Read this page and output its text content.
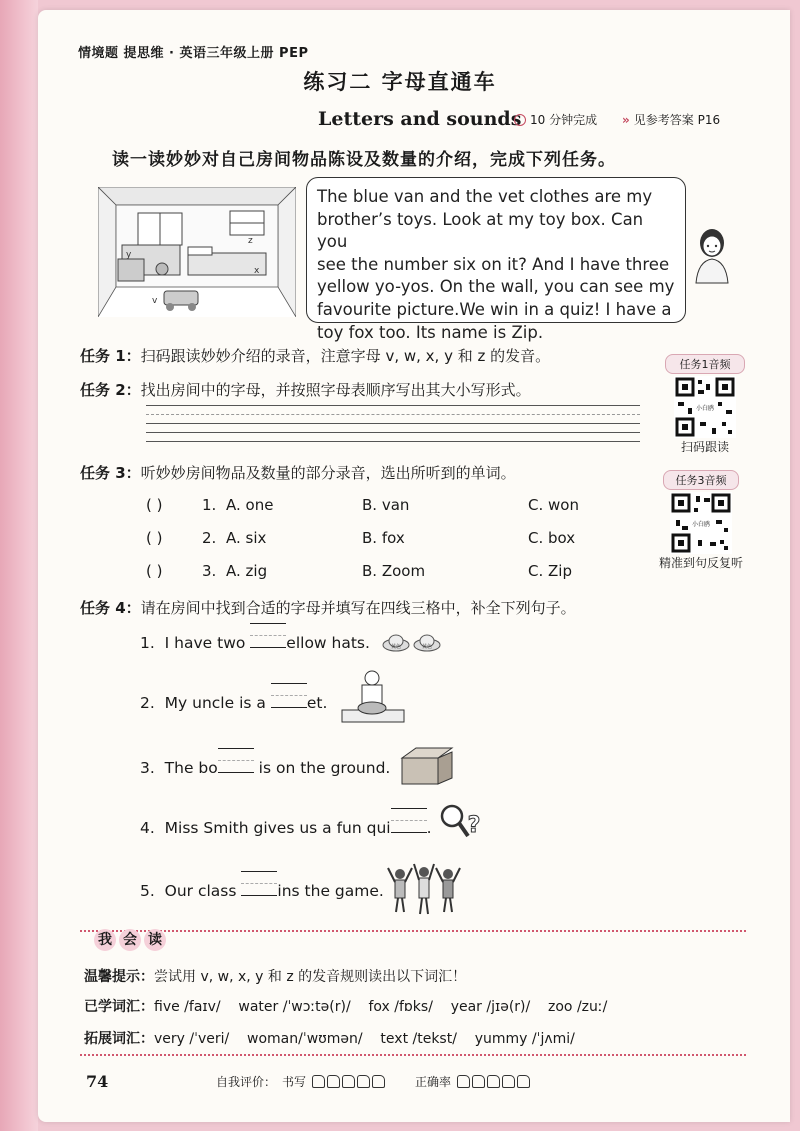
情境题 提思维 · 英语三年级上册 PEP
练习二 字母直通车
Letters and sounds 10 分钟完成 » 见参考答案 P16
读一读妙妙对自己房间物品陈设及数量的介绍，完成下列任务。
z
x
v
y

The blue van and the vet clothes are my

brother’s toys. Look at my toy box. Can you

see the number six on it? And I have three

yellow yo-yos. On the wall, you can see my

favourite picture.We win in a quiz! I have a

toy fox too. Its name is Zip.

任务 1：扫码跟读妙妙介绍的录音，注意字母 v, w, x, y 和 z 的发音。
任务 2：找出房间中的字母，并按照字母表顺序写出其大小写形式。
任务1音频
小白鸥
扫码跟读
任务 3：听妙妙房间物品及数量的部分录音，选出所听到的单词。
( )	1. A. one	B. van	C. won
( )	2. A. six	B. fox	C. box
( )	3. A. zig	B. Zoom	C. Zip
任务3音频
小白鸥
精准到句反复听
任务 4：请在房间中找到合适的字母并填写在四线三格中，补全下列句子。
1. I have two	ellow hats.	黄色	黄色
2. My uncle is a	et.
3. The bo	is on the ground.
4. Miss Smith gives us a fun qui . ?
5. Our class	ins the game.
我 会 读
温馨提示：尝试用 v, w, x, y 和 z 的发音规则读出以下词汇！
已学词汇：five /faɪv/    water /ˈwɔːtə(r)/    fox /fɒks/    year /jɪə(r)/    zoo /zuː/
拓展词汇：very /ˈveri/    woman/ˈwʊmən/    text /tekst/    yummy /ˈjʌmi/
74	自我评价： 书写	正确率
